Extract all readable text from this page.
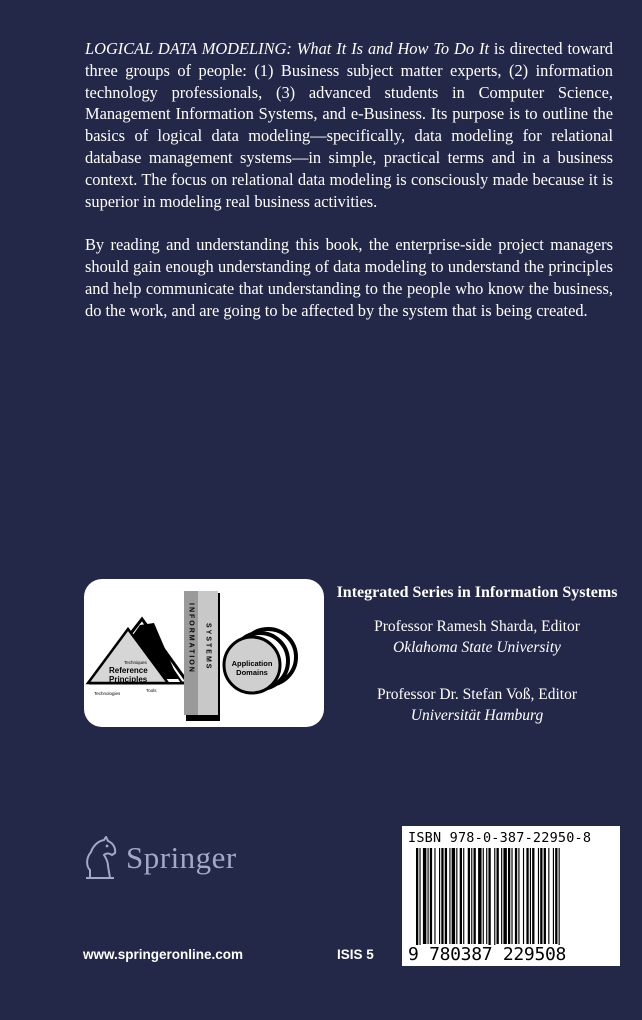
LOGICAL DATA MODELING: What It Is and How To Do It is directed toward three groups of people: (1) Business subject matter experts, (2) information technology professionals, (3) advanced students in Computer Science, Management Information Systems, and e-Business. Its purpose is to outline the basics of logical data modeling—specifically, data modeling for relational database management systems—in simple, practical terms and in a business context. The focus on relational data modeling is consciously made because it is superior in modeling real business activities.

By reading and understanding this book, the enterprise-side project managers should gain enough understanding of data modeling to understand the principles and help communicate that understanding to the people who know the business, do the work, and are going to be affected by the system that is being created.

Techniques
Reference
Principles
Technologies
Tools
INFORMATION SYSTEMS	Application
Domains
Integrated Series in Information Systems
Professor Ramesh Sharda, Editor
Oklahoma State University
Professor Dr. Stefan Voß, Editor
Universität Hamburg
Springer
www.springeronline.com	ISIS 5
ISBN 978-0-387-22950-8
9 780387 229508
